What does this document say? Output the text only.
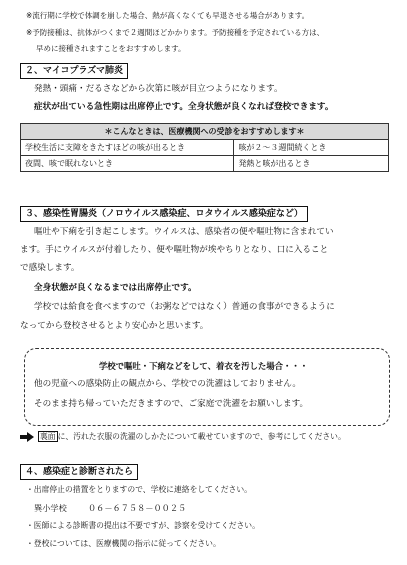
※流行期に学校で体調を崩した場合、熱が高くなくても早退させる場合があります。
※予防接種は、抗体がつくまで２週間ほどかかります。予防接種を予定されている方は、
早めに接種されますことをおすすめします。
２、マイコプラズマ肺炎
発熱・頭痛・だるさなどから次第に咳が目立つようになります。
症状が出ている急性期は出席停止です。全身状態が良くなれば登校できます。
＊こんなときは、医療機関への受診をおすすめします＊	
学校生活に支障をきたすほどの咳が出るとき	咳が２～３週間続くとき
夜間、咳で眠れないとき	発熱と咳が出るとき
３、感染性胃腸炎（ノロウイルス感染症、ロタウイルス感染症など）
嘔吐や下痢を引き起こします。ウイルスは、感染者の便や嘔吐物に含まれてい
ます。手にウイルスが付着したり、便や嘔吐物が埃やちりとなり、口に入ること
で感染します。
全身状態が良くなるまでは出席停止です。
学校では給食を食べますので（お粥などではなく）普通の食事ができるように
なってから登校させるとより安心かと思います。
学校で嘔吐・下痢などをして、着衣を汚した場合・・・
他の児童への感染防止の観点から、学校での洗濯はしておりません。
そのまま持ち帰っていただきますので、ご家庭で洗濯をお願いします。
裏面 に、汚れた衣服の洗濯のしかたについて載せていますので、参考にしてください。
４、感染症と診断されたら
・出席停止の措置をとりますので、学校に連絡をしてください。
巽小学校	０６－６７５８－００２５
・医師による診断書の提出は不要ですが、診察を受けてください。
・登校については、医療機関の指示に従ってください。
